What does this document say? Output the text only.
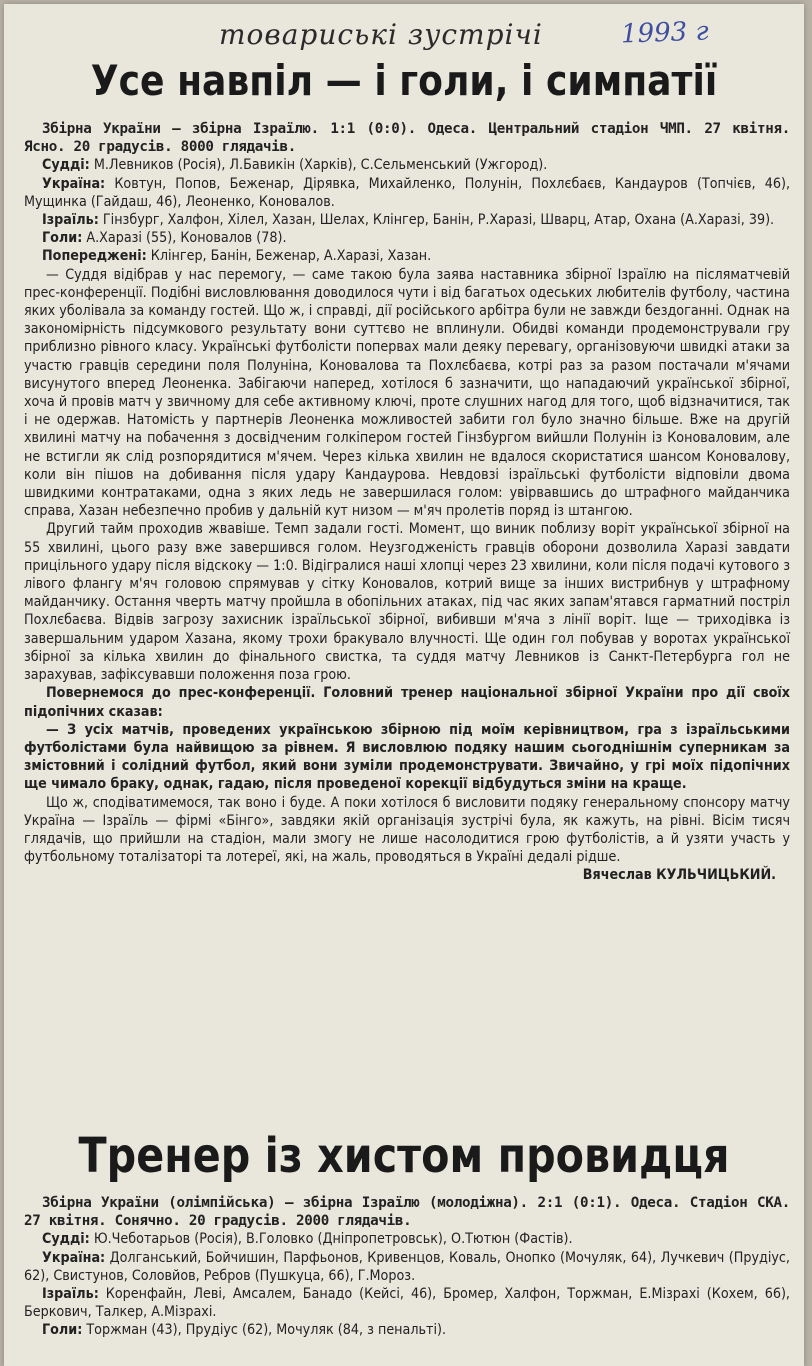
товариські зустрічі	1993 г
Усе навпіл — і голи, і симпатії

Збірна України — збірна Ізраїлю. 1:1 (0:0). Одеса. Центральний стадіон ЧМП. 27 квітня. Ясно. 20 градусів. 8000 глядачів.

Судді: М.Левников (Росія), Л.Бавикін (Харків), С.Сельменський (Ужгород).

Україна: Ковтун, Попов, Беженар, Дірявка, Михайленко, Полунін, Похлєбаєв, Кандауров (Топчієв, 46), Мущинка (Гайдаш, 46), Леоненко, Коновалов.

Ізраїль: Гінзбург, Халфон, Хілел, Хазан, Шелах, Клінгер, Банін, Р.Харазі, Шварц, Атар, Охана (А.Харазі, 39).

Голи: А.Харазі (55), Коновалов (78).

Попереджені: Клінгер, Банін, Беженар, А.Харазі, Хазан.

— Суддя відібрав у нас перемогу, — саме такою була заява наставника збірної Ізраїлю на післяматчевій прес-конференції. Подібні висловлювання доводилося чути і від багатьох одеських любителів футболу, частина яких уболівала за команду гостей. Що ж, і справді, дії російського арбітра були не завжди бездоганні. Однак на закономірність підсумкового результату вони суттєво не вплинули. Обидві команди продемонстрували гру приблизно рівного класу. Українські футболісти поперваx мали деяку перевагу, організовуючи швидкі атаки за участю гравців середини поля Полуніна, Коновалова та Похлєбаєва, котрі раз за разом постачали м'ячами висунутого вперед Леоненка. Забігаючи наперед, хотілося б зазначити, що нападаючий української збірної, хоча й провів матч у звичному для себе активному ключі, проте слушних нагод для того, щоб відзначитися, так і не одержав. Натомість у партнерів Леоненка можливостей забити гол було значно більше. Вже на другій хвилині матчу на побачення з досвідченим голкіпером гостей Гінзбургом вийшли Полунін із Коноваловим, але не встигли як слід розпорядитися м'ячем. Через кілька хвилин не вдалося скористатися шансом Коновалову, коли він пішов на добивання після удару Кандаурова. Невдовзі ізраїльські футболісти відповіли двома швидкими контратаками, одна з яких ледь не завершилася голом: увірвавшись до штрафного майданчика справа, Хазан небезпечно пробив у дальній кут низом — м'яч пролетів поряд із штангою.

Другий тайм проходив жвавіше. Темп задали гості. Момент, що виник поблизу воріт української збірної на 55 хвилині, цього разу вже завершився голом. Неузгодженість гравців оборони дозволила Харазі завдати прицільного удару після відскоку — 1:0. Відігралися наші хлопці через 23 хвилини, коли після подачі кутового з лівого флангу м'яч головою спрямував у сітку Коновалов, котрий вище за інших вистрибнув у штрафному майданчику. Остання чверть матчу пройшла в обопільних атаках, під час яких запам'ятався гарматний постріл Похлєбаєва. Відвів загрозу захисник ізраїльської збірної, вибивши м'яча з лінії воріт. Іще — триходівка із завершальним ударом Хазана, якому трохи бракувало влучності. Ще один гол побував у воротах української збірної за кілька хвилин до фінального свистка, та суддя матчу Левников із Санкт-Петербурга гол не зарахував, зафіксувавши положення поза грою.

Повернемося до прес-конференції. Головний тренер національної збірної України про дії своїх підопічних сказав:

— З усіх матчів, проведених українською збірною під моїм керівництвом, гра з ізраїльськими футболістами була найвищою за рівнем. Я висловлюю подяку нашим сьогоднішнім суперникам за змістовний і солідний футбол, який вони зуміли продемонструвати. Звичайно, у грі моїх підопічних ще чимало браку, однак, гадаю, після проведеної корекції відбудуться зміни на краще.

Що ж, сподіватимемося, так воно і буде. А поки хотілося б висловити подяку генеральному спонсору матчу Україна — Ізраїль — фірмі «Бінго», завдяки якій організація зустрічі була, як кажуть, на рівні. Вісім тисяч глядачів, що прийшли на стадіон, мали змогу не лише насолодитися грою футболістів, а й узяти участь у футбольному тоталізаторі та лотереї, які, на жаль, проводяться в Україні дедалі рідше.

Вячеслав КУЛЬЧИЦЬКИЙ.

Тренер із хистом провидця

Збірна України (олімпійська) — збірна Ізраїлю (молодіжна). 2:1 (0:1). Одеса. Стадіон СКА. 27 квітня. Сонячно. 20 градусів. 2000 глядачів.

Судді: Ю.Чеботарьов (Росія), В.Головко (Дніпропетровськ), О.Тютюн (Фастів).

Україна: Долганський, Бойчишин, Парфьонов, Кривенцов, Коваль, Онопко (Мочуляк, 64), Лучкевич (Прудіус, 62), Свистунов, Соловйов, Ребров (Пушкуца, 66), Г.Мороз.

Ізраїль: Коренфайн, Леві, Амсалем, Банадо (Кейсі, 46), Бромер, Халфон, Торжман, Е.Мізрахі (Кохем, 66), Беркович, Талкер, А.Мізрахі.

Голи: Торжман (43), Прудіус (62), Мочуляк (84, з пенальті).
